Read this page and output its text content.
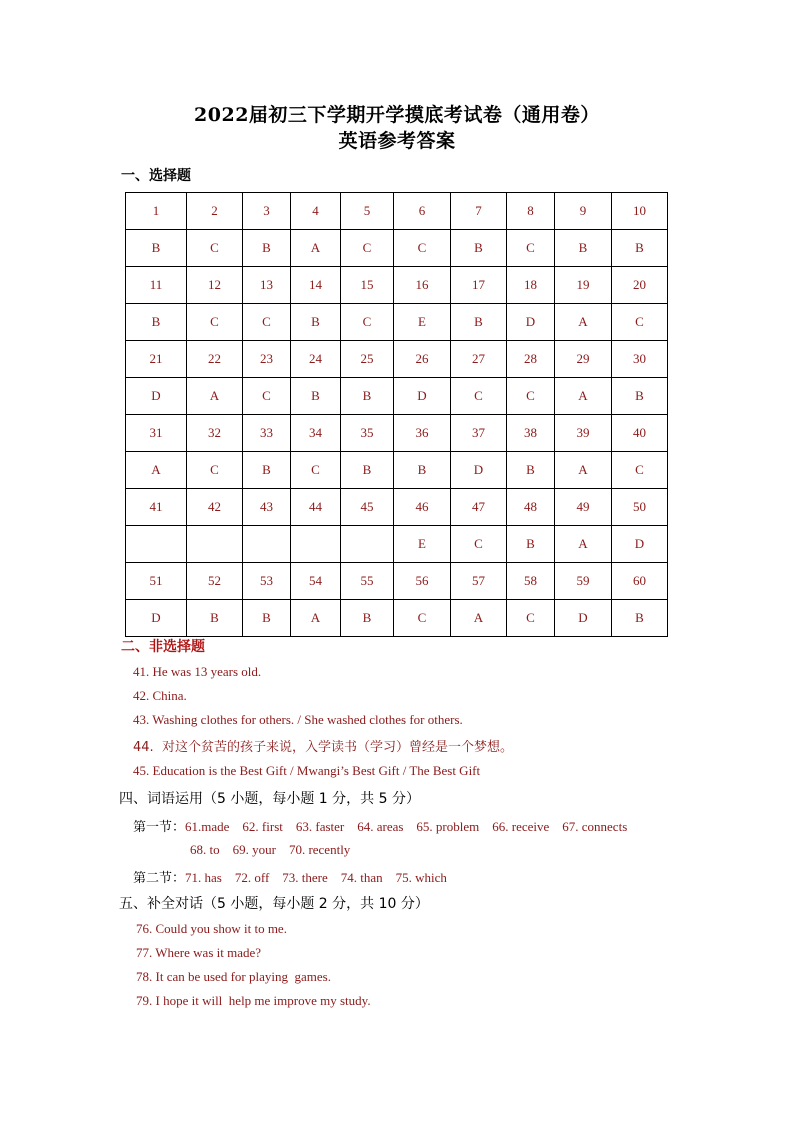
2022届初三下学期开学摸底考试卷（通用卷）
英语参考答案
一、选择题
1	2	3	4	5	6	7	8	9	10
B	C	B	A	C	C	B	C	B	B
11	12	13	14	15	16	17	18	19	20
B	C	C	B	C	E	B	D	A	C
21	22	23	24	25	26	27	28	29	30
D	A	C	B	B	D	C	C	A	B
31	32	33	34	35	36	37	38	39	40
A	C	B	C	B	B	D	B	A	C
41	42	43	44	45	46	47	48	49	50
					E	C	B	A	D
51	52	53	54	55	56	57	58	59	60
D	B	B	A	B	C	A	C	D	B
二、非选择题
41. He was 13 years old.
42. China.
43. Washing clothes for others. / She washed clothes for others.
44.  对这个贫苦的孩子来说，入学读书（学习）曾经是一个梦想。
45. Education is the Best Gift / Mwangi’s Best Gift / The Best Gift
四、词语运用（5 小题，每小题 1 分，共 5 分）
第一节：61.made    62. first    63. faster    64. areas    65. problem    66. receive    67. connects
68. to    69. your    70. recently
第二节：71. has    72. off    73. there    74. than    75. which
五、补全对话（5 小题，每小题 2 分，共 10 分）
76. Could you show it to me.
77. Where was it made?
78. It can be used for playing  games.
79. I hope it will  help me improve my study.
